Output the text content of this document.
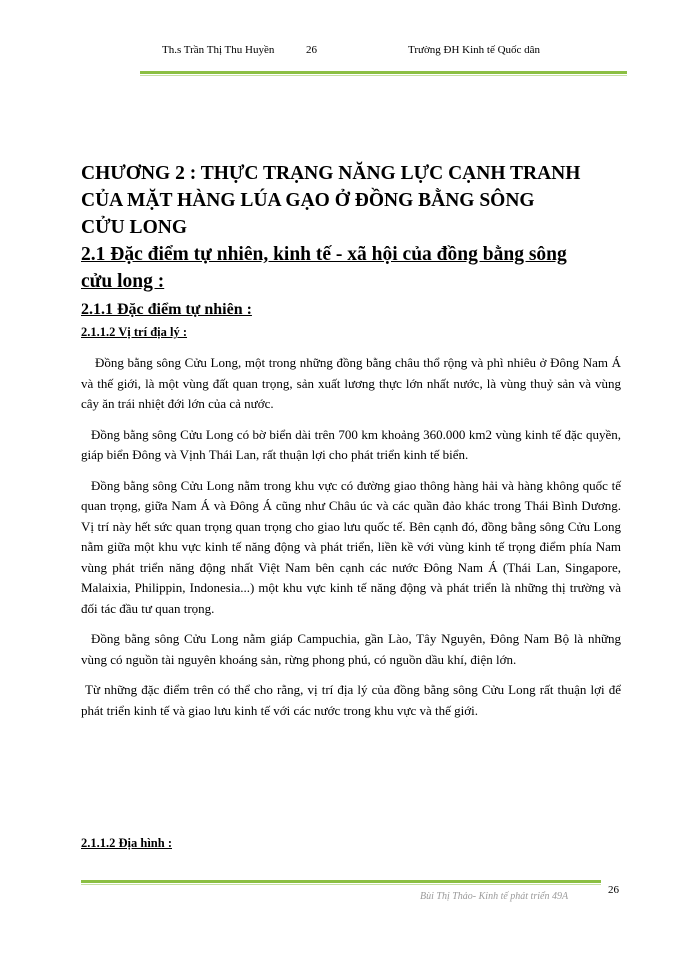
Th.s Trần Thị Thu Huyền	26	Trường ĐH Kinh tế Quốc dân
CHƯƠNG 2 : THỰC TRẠNG NĂNG LỰC CẠNH TRANH
CỦA MẶT HÀNG LÚA GẠO Ở ĐỒNG BẰNG SÔNG
CỬU LONG
2.1 Đặc điểm tự nhiên, kinh tế - xã hội của đồng bằng sông
cửu long :
2.1.1 Đặc điểm tự nhiên :
2.1.1.2 Vị trí địa lý :

Đồng bằng sông Cửu Long, một trong những đồng bằng châu thổ rộng và phì nhiêu ở Đông Nam Á và thế giới, là một vùng đất quan trọng, sản xuất lương thực lớn nhất nước, là vùng thuỷ sản và vùng cây ăn trái nhiệt đới lớn của cả nước.

Đồng bằng sông Cửu Long có bờ biển dài trên 700 km khoảng 360.000 km2 vùng kinh tế đặc quyền, giáp biển Đông và Vịnh Thái Lan, rất thuận lợi cho phát triển kinh tế biển.

Đồng bằng sông Cửu Long nằm trong khu vực có đường giao thông hàng hải và hàng không quốc tế quan trọng, giữa Nam Á và Đông Á cũng như Châu úc và các quần đảo khác trong Thái Bình Dương. Vị trí này hết sức quan trọng quan trọng cho giao lưu quốc tế. Bên cạnh đó, đồng bằng sông Cửu Long nằm giữa một khu vực kinh tế năng động và phát triển, liền kề với vùng kinh tế trọng điểm phía Nam vùng phát triển năng động nhất Việt Nam bên cạnh các nước Đông Nam Á (Thái Lan, Singapore, Malaixia, Philippin, Indonesia...) một khu vực kinh tế năng động và phát triển là những thị trường và đối tác đầu tư quan trọng.

Đồng bằng sông Cửu Long nằm giáp Campuchia, gần Lào, Tây Nguyên, Đông Nam Bộ là những vùng có nguồn tài nguyên khoáng sản, rừng phong phú, có nguồn dầu khí, điện lớn.

Từ những đặc điểm trên có thể cho rằng, vị trí địa lý của đồng bằng sông Cửu Long rất thuận lợi để phát triển kinh tế và giao lưu kinh tế với các nước trong khu vực và thế giới.

2.1.1.2 Địa hình :
Bùi Thị Thảo- Kinh tế phát triển 49A
26
